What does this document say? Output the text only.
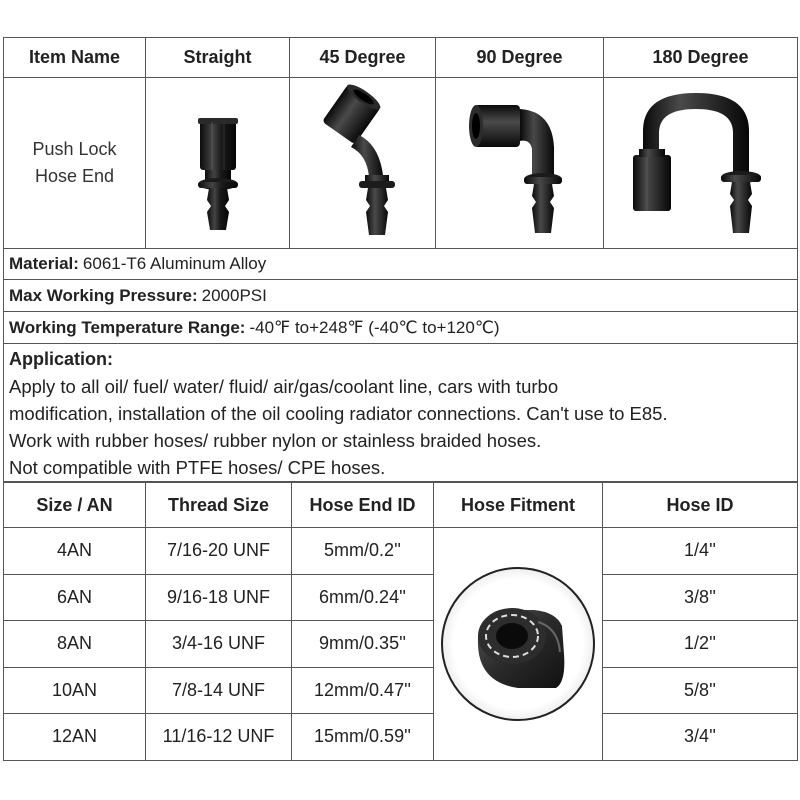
Item Name	Straight	45 Degree	90 Degree	180 Degree

Push Lock
Hose End

Material: 6061-T6 Aluminum Alloy
Max Working Pressure: 2000PSI
Working Temperature Range: -40℉ to+248℉ (-40℃ to+120℃)
Application:
Apply to all oil/ fuel/ water/ fluid/ air/gas/coolant line, cars with turbo
modification, installation of the oil cooling radiator connections. Can't use to E85.
Work with rubber hoses/ rubber nylon or stainless braided hoses.
Not compatible with PTFE hoses/ CPE hoses.
Size / AN	Thread Size	Hose End ID	Hose Fitment	Hose ID
4AN	7/16-20 UNF	5mm/0.2''		1/4''
6AN	9/16-18 UNF	6mm/0.24''		3/8''
8AN	3/4-16 UNF	9mm/0.35''		1/2''
10AN	7/8-14 UNF	12mm/0.47''		5/8''
12AN	11/16-12 UNF	15mm/0.59''		3/4''
